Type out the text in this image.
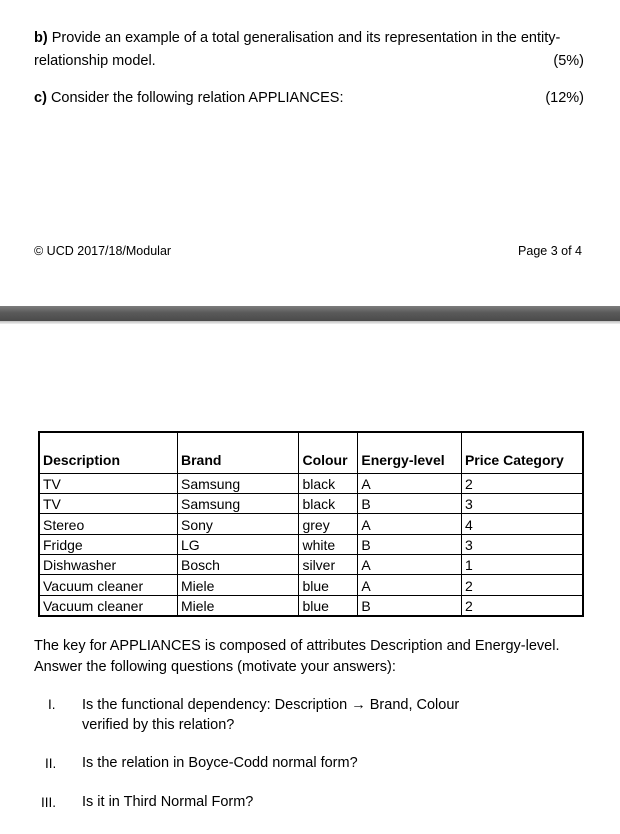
b) Provide an example of a total generalisation and its representation in the entity-
relationship model.	(5%)
c) Consider the following relation APPLIANCES:	(12%)
© UCD 2017/18/Modular	Page 3 of 4
Description	Brand	Colour	Energy-level	Price Category
TV	Samsung	black	A	2
TV	Samsung	black	B	3
Stereo	Sony	grey	A	4
Fridge	LG	white	B	3
Dishwasher	Bosch	silver	A	1
Vacuum cleaner	Miele	blue	A	2
Vacuum cleaner	Miele	blue	B	2
The key for APPLIANCES is composed of attributes Description and Energy-level.
Answer the following questions (motivate your answers):
I. Is the functional dependency: Description → Brand, Colour
verified by this relation?
II. Is the relation in Boyce-Codd normal form?
III. Is it in Third Normal Form?
